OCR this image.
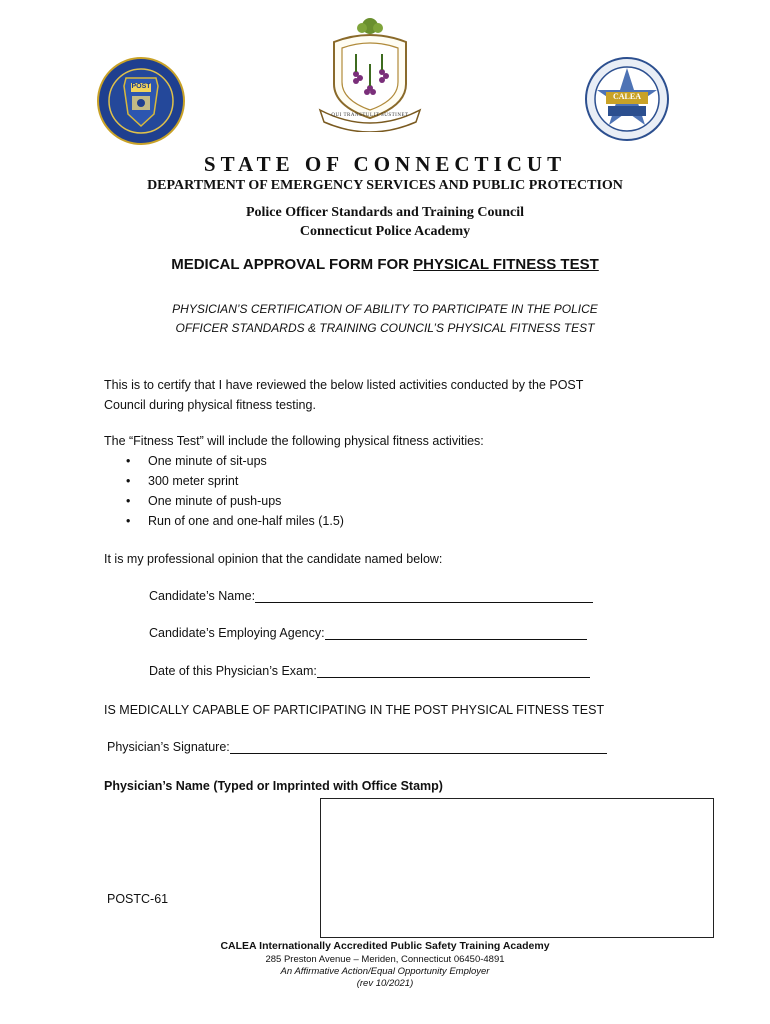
POST
QUI TRANSTULIT SUSTINET
CALEA
STATE OF CONNECTICUT
DEPARTMENT OF EMERGENCY SERVICES AND PUBLIC PROTECTION
Police Officer Standards and Training Council
Connecticut Police Academy
MEDICAL APPROVAL FORM FOR PHYSICAL FITNESS TEST
PHYSICIAN’S CERTIFICATION OF ABILITY TO PARTICIPATE IN THE POLICE
OFFICER STANDARDS & TRAINING COUNCIL’S PHYSICAL FITNESS TEST
This is to certify that I have reviewed the below listed activities conducted by the POST
Council during physical fitness testing.
The “Fitness Test” will include the following physical fitness activities:
• One minute of sit-ups
• 300 meter sprint
• One minute of push-ups
• Run of one and one-half miles (1.5)
It is my professional opinion that the candidate named below:
Candidate’s Name:
Candidate’s Employing Agency:
Date of this Physician’s Exam:
IS MEDICALLY CAPABLE OF PARTICIPATING IN THE POST PHYSICAL FITNESS TEST
Physician’s Signature:
Physician’s Name (Typed or Imprinted with Office Stamp)
POSTC-61
CALEA Internationally Accredited Public Safety Training Academy
285 Preston Avenue – Meriden, Connecticut 06450-4891
An Affirmative Action/Equal Opportunity Employer
(rev 10/2021)
